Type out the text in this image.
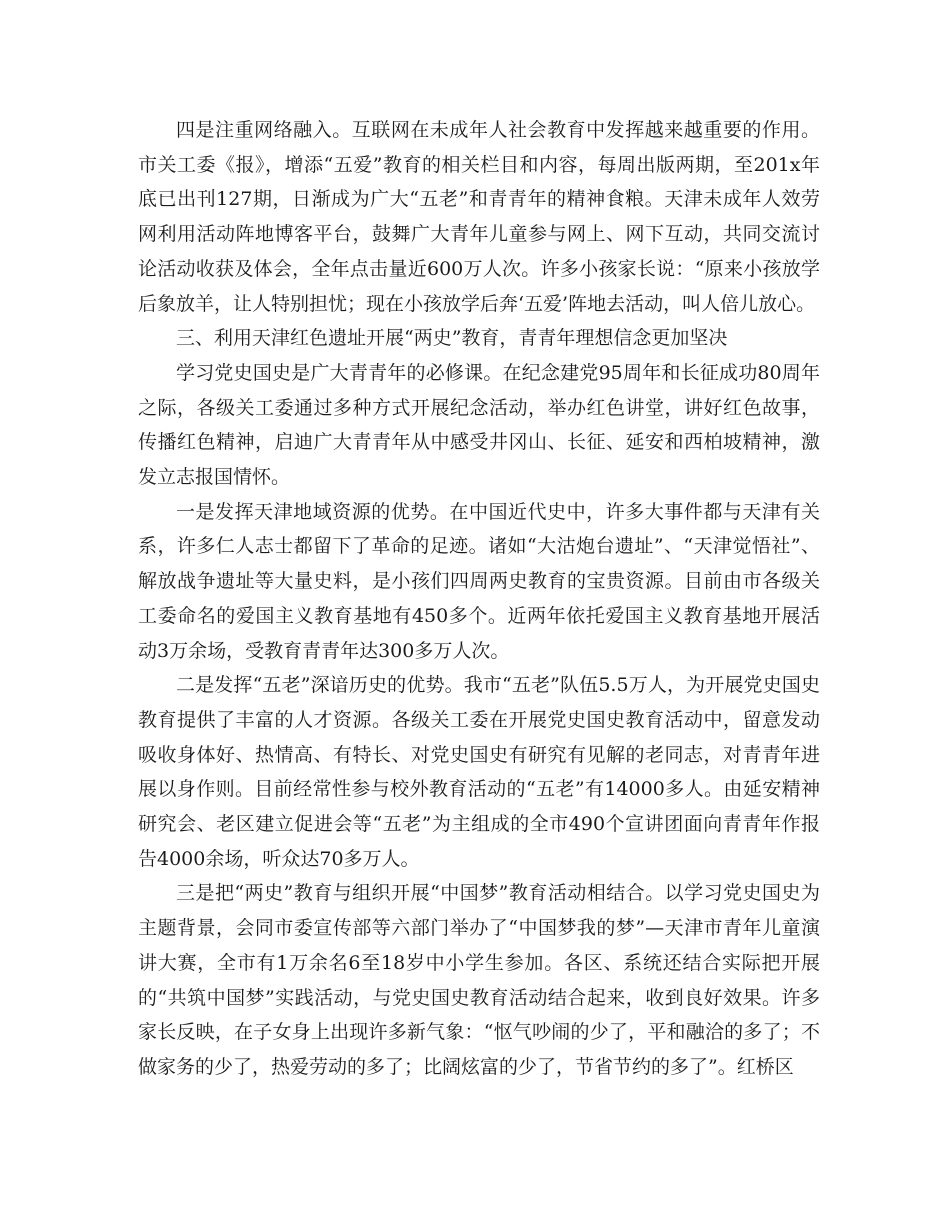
四是注重网络融入。互联网在未成年人社会教育中发挥越来越重要的作用。市关工委《报》，增添“五爱”教育的相关栏目和内容，每周出版两期，至201x年底已出刊127期，日渐成为广大“五老”和青青年的精神食粮。天津未成年人效劳网利用活动阵地博客平台，鼓舞广大青年儿童参与网上、网下互动，共同交流讨论活动收获及体会，全年点击量近600万人次。许多小孩家长说：“原来小孩放学后象放羊，让人特别担忧；现在小孩放学后奔‘五爱’阵地去活动，叫人倍儿放心。

三、利用天津红色遗址开展“两史”教育，青青年理想信念更加坚决

学习党史国史是广大青青年的必修课。在纪念建党95周年和长征成功80周年之际，各级关工委通过多种方式开展纪念活动，举办红色讲堂，讲好红色故事，传播红色精神，启迪广大青青年从中感受井冈山、长征、延安和西柏坡精神，激发立志报国情怀。

一是发挥天津地域资源的优势。在中国近代史中，许多大事件都与天津有关系，许多仁人志士都留下了革命的足迹。诸如“大沽炮台遗址”、“天津觉悟社”、解放战争遗址等大量史料，是小孩们四周两史教育的宝贵资源。目前由市各级关工委命名的爱国主义教育基地有450多个。近两年依托爱国主义教育基地开展活动3万余场，受教育青青年达300多万人次。

二是发挥“五老”深谙历史的优势。我市“五老”队伍5.5万人，为开展党史国史教育提供了丰富的人才资源。各级关工委在开展党史国史教育活动中，留意发动吸收身体好、热情高、有特长、对党史国史有研究有见解的老同志，对青青年进展以身作则。目前经常性参与校外教育活动的“五老”有14000多人。由延安精神研究会、老区建立促进会等“五老”为主组成的全市490个宣讲团面向青青年作报告4000余场，听众达70多万人。

三是把“两史”教育与组织开展“中国梦”教育活动相结合。以学习党史国史为主题背景，会同市委宣传部等六部门举办了“中国梦我的梦”—天津市青年儿童演讲大赛，全市有1万余名6至18岁中小学生参加。各区、系统还结合实际把开展的“共筑中国梦”实践活动，与党史国史教育活动结合起来，收到良好效果。许多家长反映，在子女身上出现许多新气象：“怄气吵闹的少了，平和融洽的多了；不做家务的少了，热爱劳动的多了；比阔炫富的少了，节省节约的多了”。红桥区
